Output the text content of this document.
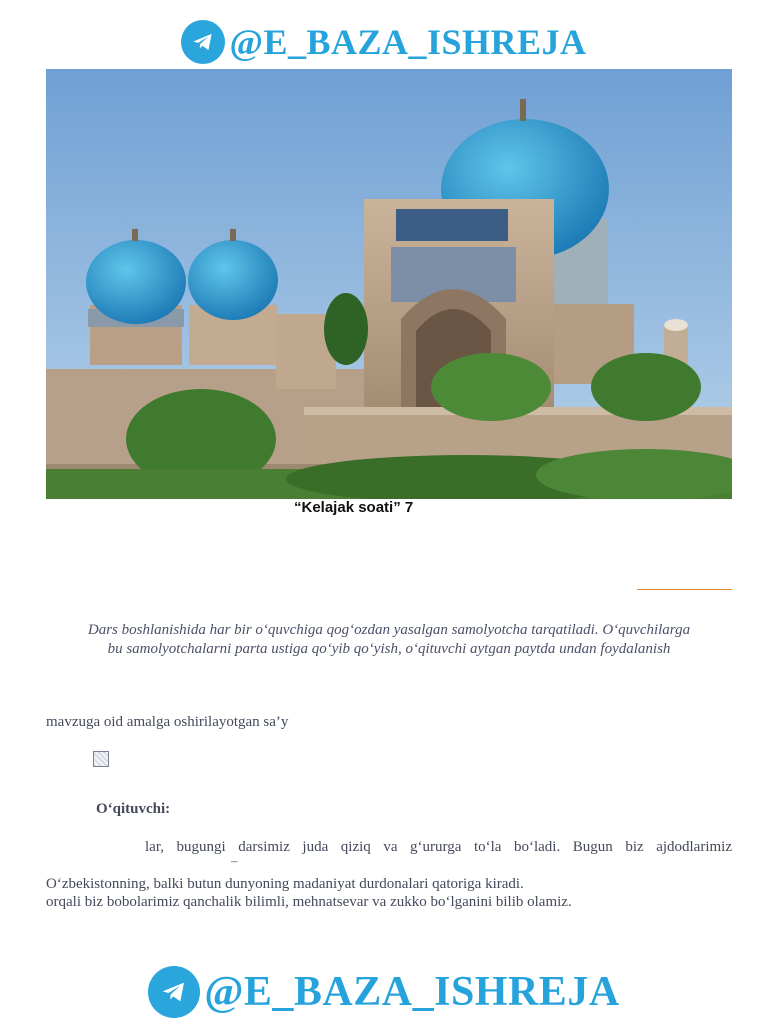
@E_BAZA_ISHREJA
“Kelajak soati” 7

Dars boshlanishida har bir o‘quvchiga qog‘ozdan yasalgan samolyotcha tarqatiladi. O‘quvchilarga

bu samolyotchalarni parta ustiga qo‘yib qo‘yish, o‘qituvchi aytgan paytda undan foydalanish

mavzuga oid amalga oshirilayotgan sa’y
O‘qituvchi:
lar, bugungi darsimiz juda qiziq va g‘ururga to‘la bo‘ladi. Bugun biz ajdodlarimiz
–
O‘zbekistonning, balki butun dunyoning madaniyat durdonalari qatoriga kiradi.
orqali biz bobolarimiz qanchalik bilimli, mehnatsevar va zukko bo‘lganini bilib olamiz.
@E_BAZA_ISHREJA
